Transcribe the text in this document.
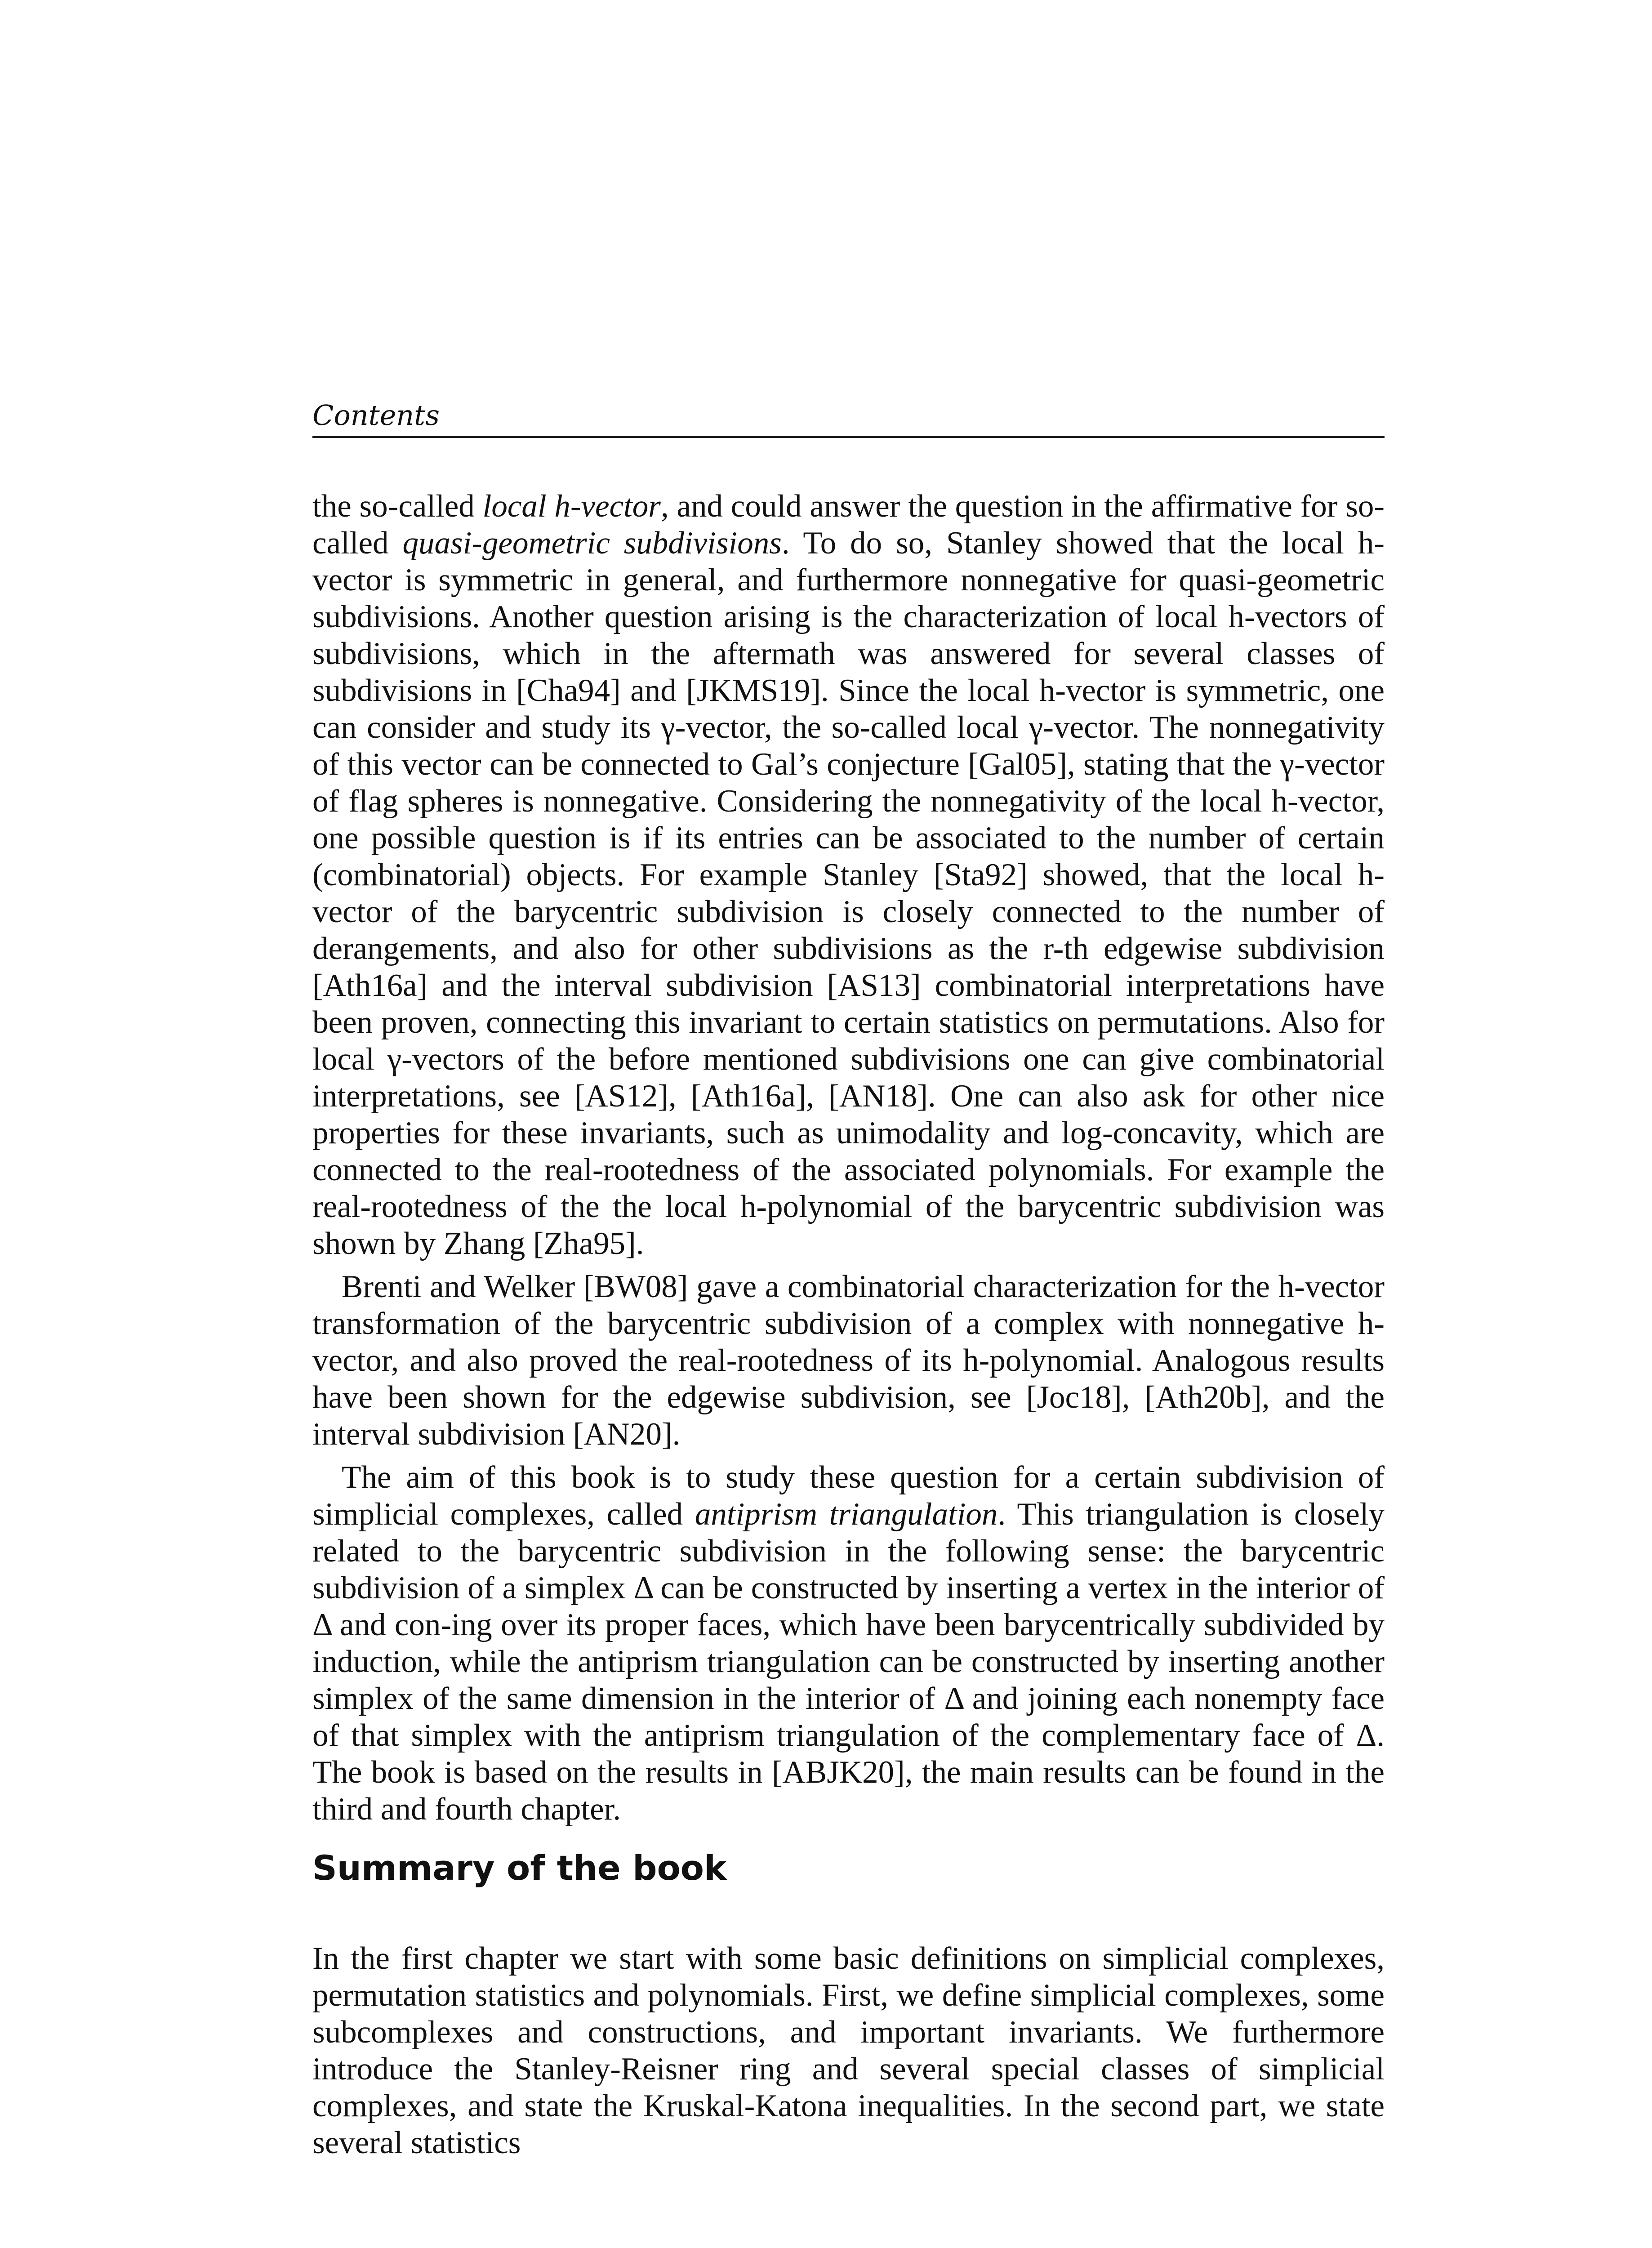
Contents

the so-called local h-vector, and could answer the question in the affirmative for so-called quasi-geometric subdivisions. To do so, Stanley showed that the local h-vector is symmetric in general, and furthermore nonnegative for quasi-geometric subdivisions. Another question arising is the characterization of local h-vectors of subdivisions, which in the aftermath was answered for several classes of subdivisions in [Cha94] and [JKMS19]. Since the local h-vector is symmetric, one can consider and study its γ-vector, the so-called local γ-vector. The nonnegativity of this vector can be connected to Gal’s conjecture [Gal05], stating that the γ-vector of flag spheres is nonnegative. Considering the nonnegativity of the local h-vector, one possible question is if its entries can be associated to the number of certain (combinatorial) objects. For example Stanley [Sta92] showed, that the local h-vector of the barycentric subdivision is closely connected to the number of derangements, and also for other subdivisions as the r-th edgewise subdivision [Ath16a] and the interval subdivision [AS13] combinatorial interpretations have been proven, connecting this invariant to certain statistics on permutations. Also for local γ-vectors of the before mentioned subdivisions one can give combinatorial interpretations, see [AS12], [Ath16a], [AN18]. One can also ask for other nice properties for these invariants, such as unimodality and log-concavity, which are connected to the real-rootedness of the associated polynomials. For example the real-rootedness of the the local h-polynomial of the barycentric subdivision was shown by Zhang [Zha95].

Brenti and Welker [BW08] gave a combinatorial characterization for the h-vector transformation of the barycentric subdivision of a complex with nonnegative h-vector, and also proved the real-rootedness of its h-polynomial. Analogous results have been shown for the edgewise subdivision, see [Joc18], [Ath20b], and the interval subdivision [AN20].

The aim of this book is to study these question for a certain subdivision of simplicial complexes, called antiprism triangulation. This triangulation is closely related to the barycentric subdivision in the following sense: the barycentric subdivision of a simplex Δ can be constructed by inserting a vertex in the interior of Δ and con-ing over its proper faces, which have been barycentrically subdivided by induction, while the antiprism triangulation can be constructed by inserting another simplex of the same dimension in the interior of Δ and joining each nonempty face of that simplex with the antiprism triangulation of the complementary face of Δ. The book is based on the results in [ABJK20], the main results can be found in the third and fourth chapter.

Summary of the book

In the first chapter we start with some basic definitions on simplicial complexes, permutation statistics and polynomials. First, we define simplicial complexes, some subcomplexes and constructions, and important invariants. We furthermore introduce the Stanley-Reisner ring and several special classes of simplicial complexes, and state the Kruskal-Katona inequalities. In the second part, we state several statistics
